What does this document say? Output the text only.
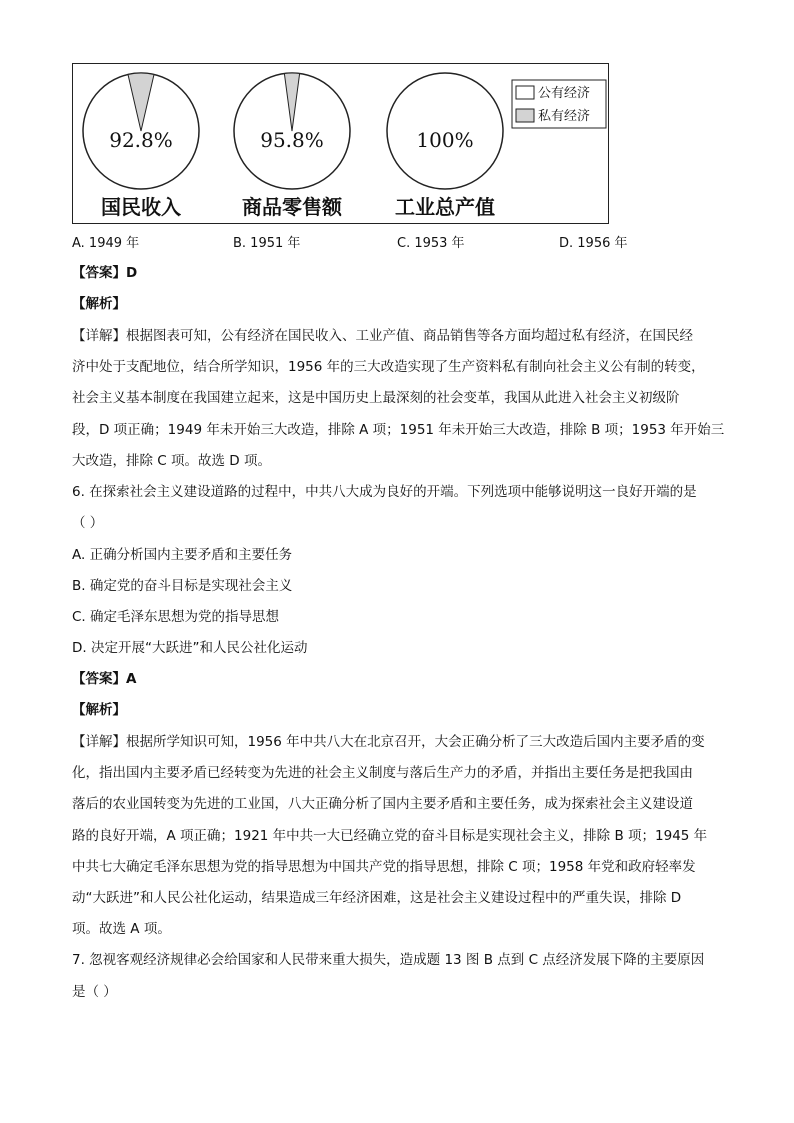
92.8%
国民收入
95.8%
商品零售额
100%
工业总产值
公有经济
私有经济
A. 1949 年	B. 1951 年	C. 1953 年	D. 1956 年
【答案】D
【解析】
【详解】根据图表可知，公有经济在国民收入、工业产值、商品销售等各方面均超过私有经济，在国民经
济中处于支配地位，结合所学知识，1956 年的三大改造实现了生产资料私有制向社会主义公有制的转变，
社会主义基本制度在我国建立起来，这是中国历史上最深刻的社会变革，我国从此进入社会主义初级阶
段，D 项正确；1949 年未开始三大改造，排除 A 项；1951 年未开始三大改造，排除 B 项；1953 年开始三
大改造，排除 C 项。故选 D 项。
6. 在探索社会主义建设道路的过程中，中共八大成为良好的开端。下列选项中能够说明这一良好开端的是
（ ）
A. 正确分析国内主要矛盾和主要任务
B. 确定党的奋斗目标是实现社会主义
C. 确定毛泽东思想为党的指导思想
D. 决定开展“大跃进”和人民公社化运动
【答案】A
【解析】
【详解】根据所学知识可知，1956 年中共八大在北京召开，大会正确分析了三大改造后国内主要矛盾的变
化，指出国内主要矛盾已经转变为先进的社会主义制度与落后生产力的矛盾，并指出主要任务是把我国由
落后的农业国转变为先进的工业国，八大正确分析了国内主要矛盾和主要任务，成为探索社会主义建设道
路的良好开端，A 项正确；1921 年中共一大已经确立党的奋斗目标是实现社会主义，排除 B 项；1945 年
中共七大确定毛泽东思想为党的指导思想为中国共产党的指导思想，排除 C 项；1958 年党和政府轻率发
动“大跃进”和人民公社化运动，结果造成三年经济困难，这是社会主义建设过程中的严重失误，排除 D
项。故选 A 项。
7. 忽视客观经济规律必会给国家和人民带来重大损失，造成题 13 图 B 点到 C 点经济发展下降的主要原因
是（ ）
